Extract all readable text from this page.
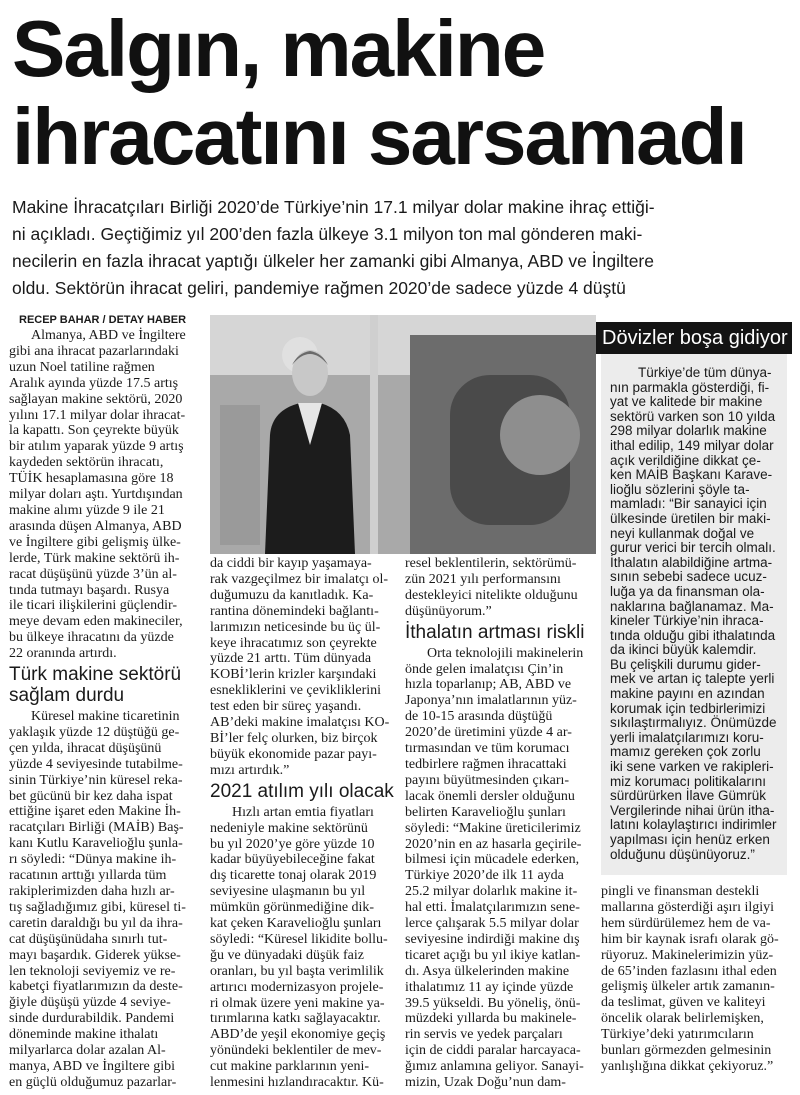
Salgın, makine
ihracatını sarsamadı
Makine İhracatçıları Birliği 2020’de Türkiye’nin 17.1 milyar dolar makine ihraç ettiği-
ni açıkladı. Geçtiğimiz yıl 200’den fazla ülkeye 3.1 milyon ton mal gönderen maki-
necilerin en fazla ihracat yaptığı ülkeler her zamanki gibi Almanya, ABD ve İngiltere
oldu. Sektörün ihracat geliri, pandemiye rağmen 2020’de sadece yüzde 4 düştü
RECEP BAHAR / DETAY HABER
Almanya, ABD ve İngiltere
gibi ana ihracat pazarlarındaki
uzun Noel tatiline rağmen
Aralık ayında yüzde 17.5 artış
sağlayan makine sektörü, 2020
yılını 17.1 milyar dolar ihracat-
la kapattı. Son çeyrekte büyük
bir atılım yaparak yüzde 9 artış
kaydeden sektörün ihracatı,
TÜİK hesaplamasına göre 18
milyar doları aştı. Yurtdışından
makine alımı yüzde 9 ile 21
arasında düşen Almanya, ABD
ve İngiltere gibi gelişmiş ülke-
lerde, Türk makine sektörü ih-
racat düşüşünü yüzde 3’ün al-
tında tutmayı başardı. Rusya
ile ticari ilişkilerini güçlendir-
meye devam eden makineciler,
bu ülkeye ihracatını da yüzde
22 oranında artırdı.
Türk makine sektörü
sağlam durdu
Küresel makine ticaretinin
yaklaşık yüzde 12 düştüğü ge-
çen yılda, ihracat düşüşünü
yüzde 4 seviyesinde tutabilme-
sinin Türkiye’nin küresel reka-
bet gücünü bir kez daha ispat
ettiğine işaret eden Makine İh-
racatçıları Birliği (MAİB) Baş-
kanı Kutlu Karavelioğlu şunla-
rı söyledi: “Dünya makine ih-
racatının arttığı yıllarda tüm
rakiplerimizden daha hızlı ar-
tış sağladığımız gibi, küresel ti-
caretin daraldığı bu yıl da ihra-
cat düşüşünüdaha sınırlı tut-
mayı başardık. Giderek yükse-
len teknoloji seviyemiz ve re-
kabetçi fiyatlarımızın da deste-
ğiyle düşüşü yüzde 4 seviye-
sinde durdurabildik. Pandemi
döneminde makine ithalatı
milyarlarca dolar azalan Al-
manya, ABD ve İngiltere gibi
en güçlü olduğumuz pazarlar-
da ciddi bir kayıp yaşamaya-
rak vazgeçilmez bir imalatçı ol-
duğumuzu da kanıtladık. Ka-
rantina dönemindeki bağlantı-
larımızın neticesinde bu üç ül-
keye ihracatımız son çeyrekte
yüzde 21 arttı. Tüm dünyada
KOBİ’lerin krizler karşındaki
esnekliklerini ve çevikliklerini
test eden bir süreç yaşandı.
AB’deki makine imalatçısı KO-
Bİ’ler felç olurken, biz birçok
büyük ekonomide pazar payı-
mızı artırdık.”
2021 atılım yılı olacak
Hızlı artan emtia fiyatları
nedeniyle makine sektörünü
bu yıl 2020’ye göre yüzde 10
kadar büyüyebileceğine fakat
dış ticarette tonaj olarak 2019
seviyesine ulaşmanın bu yıl
mümkün görünmediğine dik-
kat çeken Karavelioğlu şunları
söyledi: “Küresel likidite bollu-
ğu ve dünyadaki düşük faiz
oranları, bu yıl başta verimlilik
artırıcı modernizasyon projele-
ri olmak üzere yeni makine ya-
tırımlarına katkı sağlayacaktır.
ABD’de yeşil ekonomiye geçiş
yönündeki beklentiler de mev-
cut makine parklarının yeni-
lenmesini hızlandıracaktır. Kü-
resel beklentilerin, sektörümü-
zün 2021 yılı performansını
destekleyici nitelikte olduğunu
düşünüyorum.”
İthalatın artması riskli
Orta teknolojili makinelerin
önde gelen imalatçısı Çin’in
hızla toparlanıp; AB, ABD ve
Japonya’nın imalatlarının yüz-
de 10-15 arasında düştüğü
2020’de üretimini yüzde 4 ar-
tırmasından ve tüm korumacı
tedbirlere rağmen ihracattaki
payını büyütmesinden çıkarı-
lacak önemli dersler olduğunu
belirten Karavelioğlu şunları
söyledi: “Makine üreticilerimiz
2020’nin en az hasarla geçirile-
bilmesi için mücadele ederken,
Türkiye 2020’de ilk 11 ayda
25.2 milyar dolarlık makine it-
hal etti. İmalatçılarımızın sene-
lerce çalışarak 5.5 milyar dolar
seviyesine indirdiği makine dış
ticaret açığı bu yıl ikiye katlan-
dı. Asya ülkelerinden makine
ithalatımız 11 ay içinde yüzde
39.5 yükseldi. Bu yöneliş, önü-
müzdeki yıllarda bu makinele-
rin servis ve yedek parçaları
için de ciddi paralar harcayaca-
ğımız anlamına geliyor. Sanayi-
mizin, Uzak Doğu’nun dam-
pingli ve finansman destekli
mallarına gösterdiği aşırı ilgiyi
hem sürdürülemez hem de va-
him bir kaynak israfı olarak gö-
rüyoruz. Makinelerimizin yüz-
de 65’inden fazlasını ithal eden
gelişmiş ülkeler artık zamanın-
da teslimat, güven ve kaliteyi
öncelik olarak belirlemişken,
Türkiye’deki yatırımcıların
bunları görmezden gelmesinin
yanlışlığına dikkat çekiyoruz.”
Dövizler boşa gidiyor
Türkiye’de tüm dünya-
nın parmakla gösterdiği, fi-
yat ve kalitede bir makine
sektörü varken son 10 yılda
298 milyar dolarlık makine
ithal edilip, 149 milyar dolar
açık verildiğine dikkat çe-
ken MAİB Başkanı Karave-
lioğlu sözlerini şöyle ta-
mamladı: “Bir sanayici için
ülkesinde üretilen bir maki-
neyi kullanmak doğal ve
gurur verici bir tercih olmalı.
İthalatın alabildiğine artma-
sının sebebi sadece ucuz-
luğa ya da finansman ola-
naklarına bağlanamaz. Ma-
kineler Türkiye’nin ihraca-
tında olduğu gibi ithalatında
da ikinci büyük kalemdir.
Bu çelişkili durumu gider-
mek ve artan iç talepte yerli
makine payını en azından
korumak için tedbirlerimizi
sıkılaştırmalıyız. Önümüzde
yerli imalatçılarımızı koru-
mamız gereken çok zorlu
iki sene varken ve rakipleri-
miz korumacı politikalarını
sürdürürken İlave Gümrük
Vergilerinde nihai ürün itha-
latını kolaylaştırıcı indirimler
yapılması için henüz erken
olduğunu düşünüyoruz.”
